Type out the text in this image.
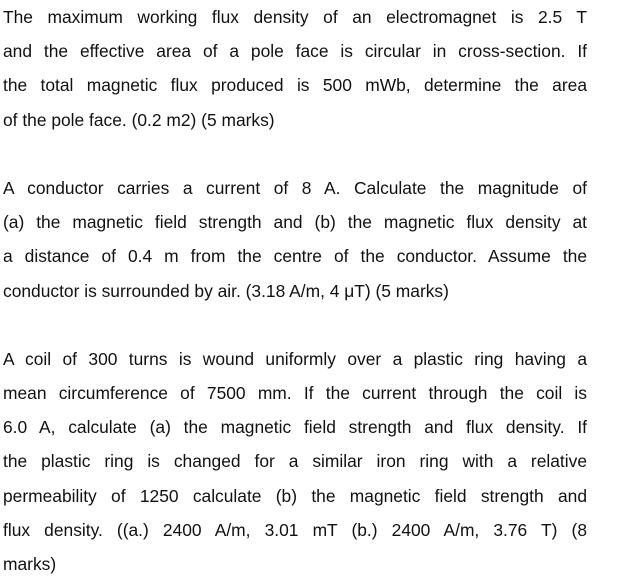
The maximum working flux density of an electromagnet is 2.5 T
and the effective area of a pole face is circular in cross-section. If
the total magnetic flux produced is 500 mWb, determine the area
of the pole face. (0.2 m2) (5 marks)
A conductor carries a current of 8 A. Calculate the magnitude of
(a) the magnetic field strength and (b) the magnetic flux density at
a distance of 0.4 m from the centre of the conductor. Assume the
conductor is surrounded by air. (3.18 A/m, 4 μT) (5 marks)
A coil of 300 turns is wound uniformly over a plastic ring having a
mean circumference of 7500 mm. If the current through the coil is
6.0 A, calculate (a) the magnetic field strength and flux density. If
the plastic ring is changed for a similar iron ring with a relative
permeability of 1250 calculate (b) the magnetic field strength and
flux density. ((a.) 2400 A/m, 3.01 mT (b.) 2400 A/m, 3.76 T) (8
marks)
